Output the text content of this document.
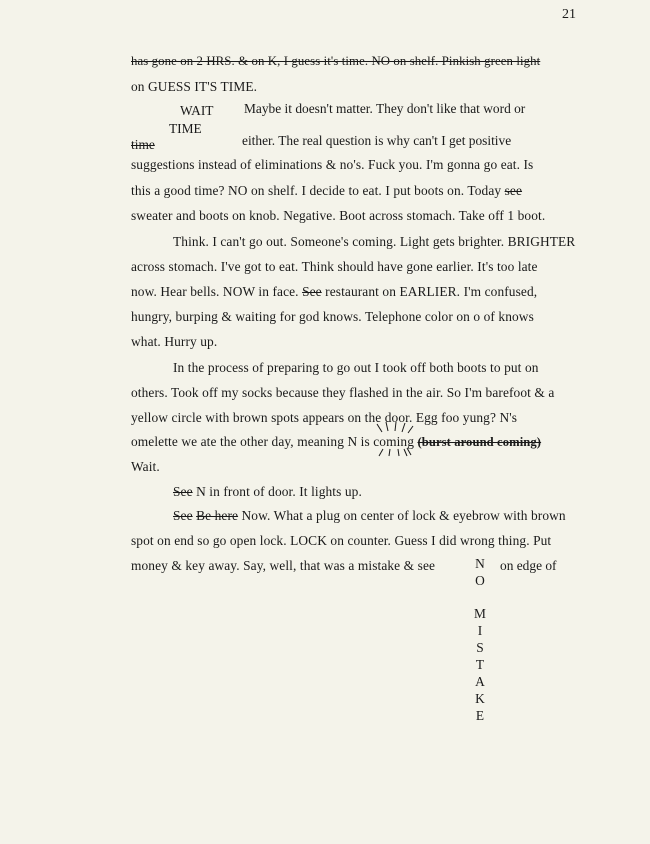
21
has gone on 2 HRS. & on K, I guess it's time. NO on shelf. Pinkish green light
on GUESS IT'S TIME.
WAIT Maybe it doesn't matter. They don't like that word or
TIME
time	either. The real question is why can't I get positive
suggestions instead of eliminations & no's. Fuck you. I'm gonna go eat. Is
this a good time? NO on shelf. I decide to eat. I put boots on. Today see
sweater and boots on knob. Negative. Boot across stomach. Take off 1 boot.
Think. I can't go out. Someone's coming. Light gets brighter. BRIGHTER
across stomach. I've got to eat. Think should have gone earlier. It's too late
now. Hear bells. NOW in face. See restaurant on EARLIER. I'm confused,
hungry, burping & waiting for god knows. Telephone color on o of knows
what. Hurry up.
In the process of preparing to go out I took off both boots to put on
others. Took off my socks because they flashed in the air. So I'm barefoot & a
yellow circle with brown spots appears on the door. Egg foo yung? N's
omelette we ate the other day, meaning N is coming (burst around coming)
Wait.
See N in front of door. It lights up.
See Be here Now. What a plug on center of lock & eyebrow with brown
spot on end so go open lock. LOCK on counter. Guess I did wrong thing. Put
money & key away. Say, well, that was a mistake & see	on edge of
N
O
M
I
S
T
A
K
E
